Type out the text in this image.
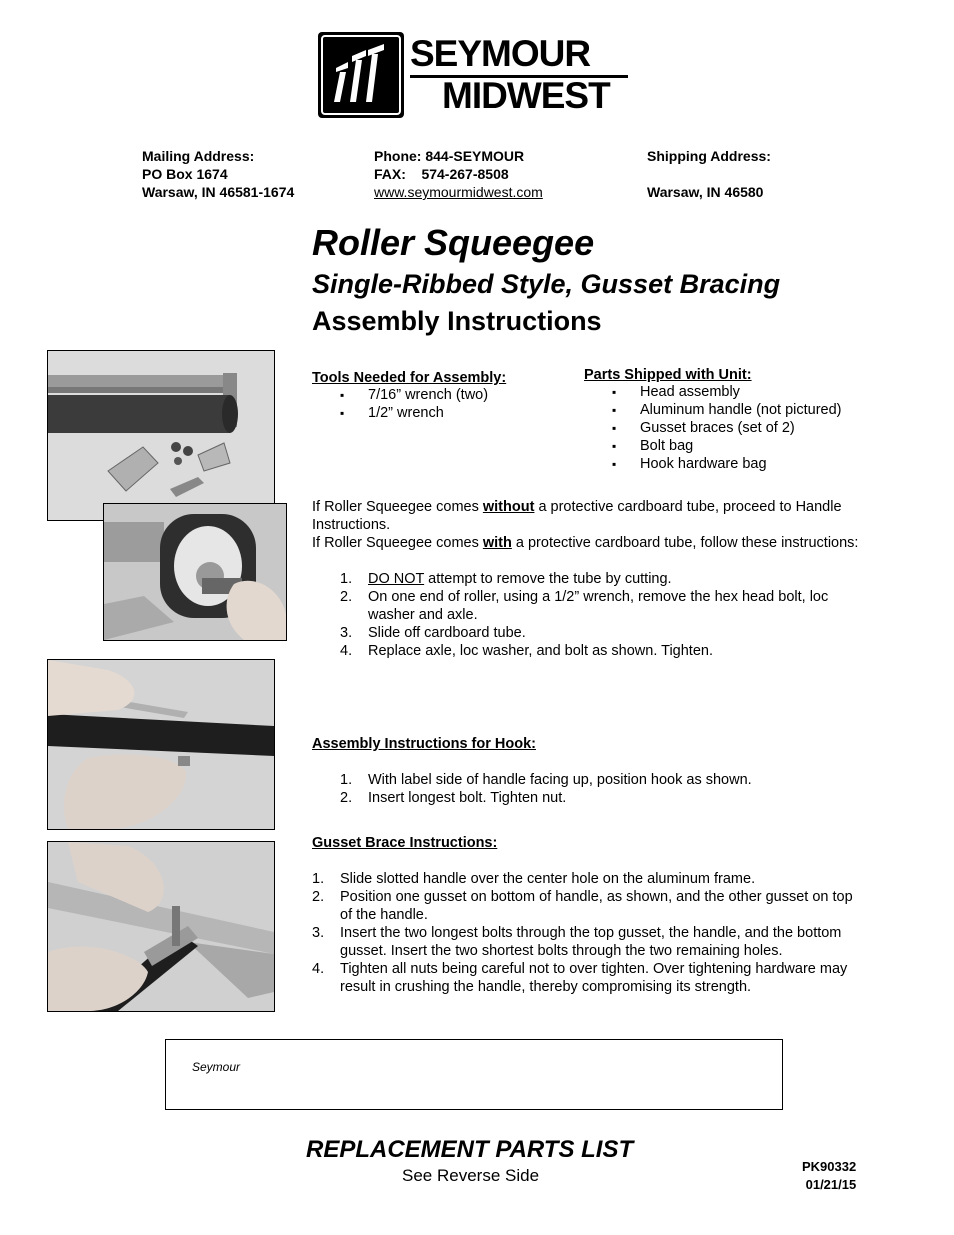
SEYMOUR
MIDWEST
Mailing Address:
PO Box 1674
Warsaw, IN 46581-1674
Phone: 844-SEYMOUR
FAX: 574-267-8508
www.seymourmidwest.com
Shipping Address:

Warsaw, IN 46580
Roller Squeegee
Single-Ribbed Style, Gusset Bracing
Assembly Instructions
Tools Needed for Assembly:
▪ 7/16” wrench (two)
▪ 1/2” wrench
Parts Shipped with Unit:
▪ Head assembly
▪ Aluminum handle (not pictured)
▪ Gusset braces (set of 2)
▪ Bolt bag
▪ Hook hardware bag
If Roller Squeegee comes without a protective cardboard tube, proceed to Handle Instructions.
If Roller Squeegee comes with a protective cardboard tube, follow these instructions:
1. DO NOT attempt to remove the tube by cutting.
2. On one end of roller, using a 1/2” wrench, remove the hex head bolt, loc washer and axle.
3. Slide off cardboard tube.
4. Replace axle, loc washer, and bolt as shown. Tighten.
Assembly Instructions for Hook:
1. With label side of handle facing up, position hook as shown.
2. Insert longest bolt. Tighten nut.
Gusset Brace Instructions:
1. Slide slotted handle over the center hole on the aluminum frame.
2. Position one gusset on bottom of handle, as shown, and the other gusset on top of the handle.
3. Insert the two longest bolts through the top gusset, the handle, and the bottom gusset. Insert the two shortest bolts through the two remaining holes.
4. Tighten all nuts being careful not to over tighten. Over tightening hardware may result in crushing the handle, thereby compromising its strength.
Seymour
REPLACEMENT PARTS LIST
See Reverse Side	PK90332
01/21/15
